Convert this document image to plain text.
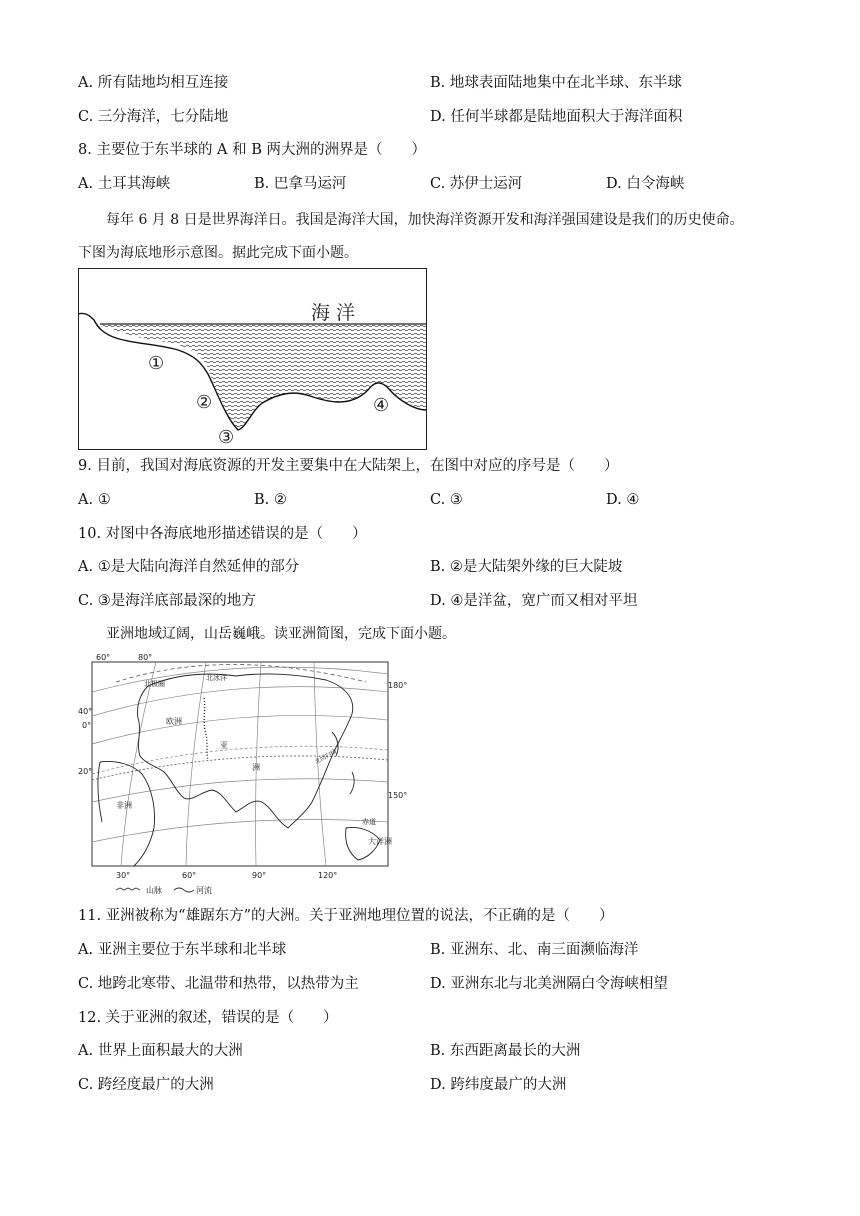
A. 所有陆地均相互连接	B. 地球表面陆地集中在北半球、东半球
C. 三分海洋，七分陆地	D. 任何半球都是陆地面积大于海洋面积
8. 主要位于东半球的 A 和 B 两大洲的洲界是（　　）
A. 土耳其海峡	B. 巴拿马运河	C. 苏伊士运河	D. 白令海峡
每年 6 月 8 日是世界海洋日。我国是海洋大国，加快海洋资源开发和海洋强国建设是我们的历史使命。
下图为海底地形示意图。据此完成下面小题。
海 洋
①
②
③
④
9. 目前，我国对海底资源的开发主要集中在大陆架上，在图中对应的序号是（　　）
A. ①	B. ②	C. ③	D. ④
10. 对图中各海底地形描述错误的是（　　）
A. ①是大陆向海洋自然延伸的部分	B. ②是大陆架外缘的巨大陡坡
C. ③是海洋底部最深的地方	D. ④是洋盆，宽广而又相对平坦
亚洲地域辽阔，山岳巍峨。读亚洲简图，完成下面小题。
60°	80°
40°
0°
20°
180°
150°
30°	60°	90°	120°
北冰洋
北极圈
欧洲
亚
洲
北回归线
非洲
赤道
大洋洲
山脉	河流
11. 亚洲被称为“雄踞东方”的大洲。关于亚洲地理位置的说法，不正确的是（　　）
A. 亚洲主要位于东半球和北半球	B. 亚洲东、北、南三面濒临海洋
C. 地跨北寒带、北温带和热带，以热带为主	D. 亚洲东北与北美洲隔白令海峡相望
12. 关于亚洲的叙述，错误的是（　　）
A. 世界上面积最大的大洲	B. 东西距离最长的大洲
C. 跨经度最广的大洲	D. 跨纬度最广的大洲
